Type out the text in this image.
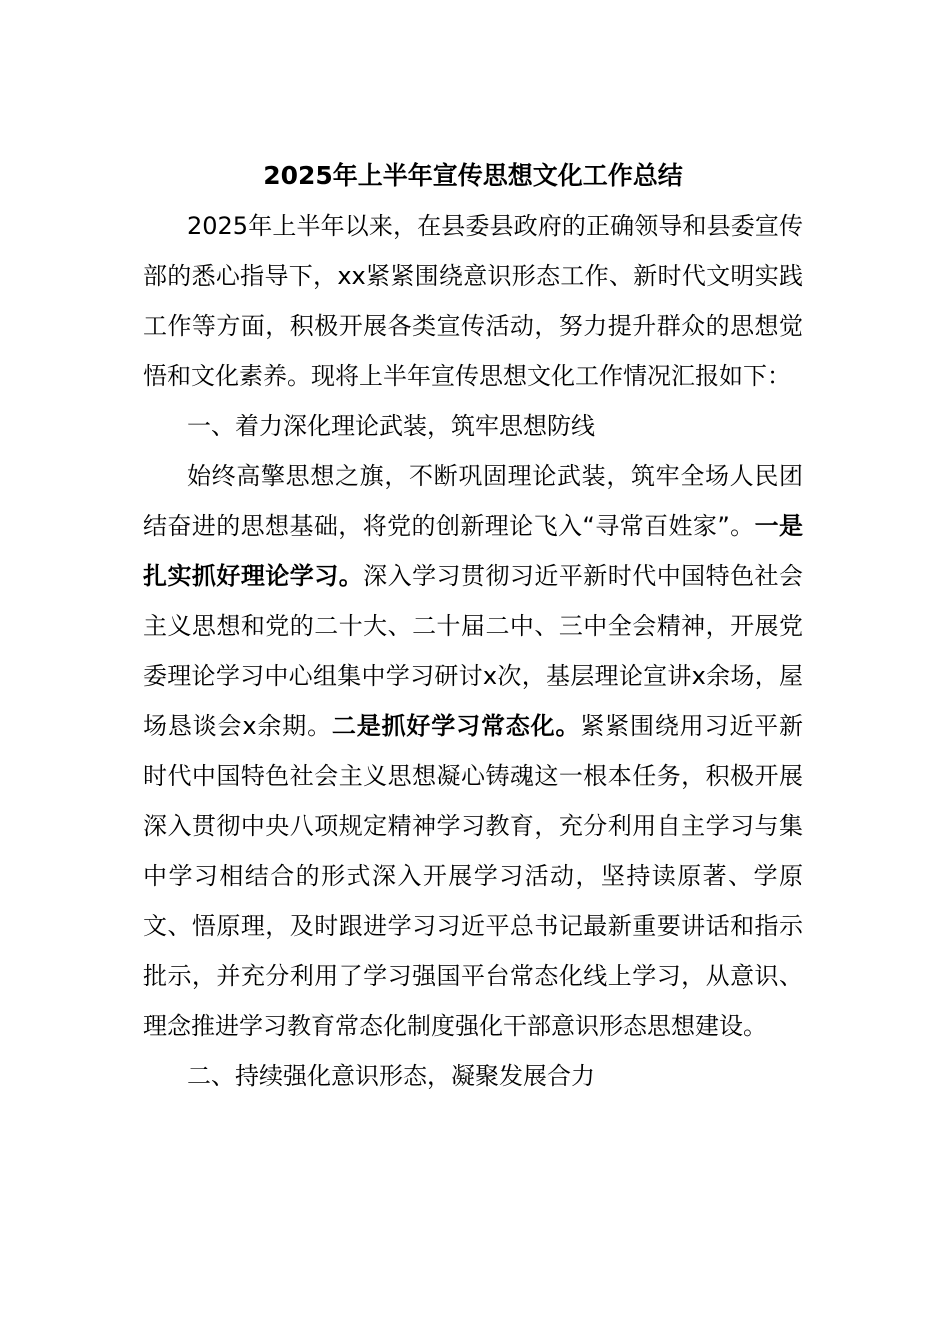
2025年上半年宣传思想文化工作总结

2025年上半年以来，在县委县政府的正确领导和县委宣传部的悉心指导下，xx紧紧围绕意识形态工作、新时代文明实践工作等方面，积极开展各类宣传活动，努力提升群众的思想觉悟和文化素养。现将上半年宣传思想文化工作情况汇报如下：

一、着力深化理论武装，筑牢思想防线

始终高擎思想之旗，不断巩固理论武装，筑牢全场人民团结奋进的思想基础，将党的创新理论飞入“寻常百姓家”。一是扎实抓好理论学习。深入学习贯彻习近平新时代中国特色社会主义思想和党的二十大、二十届二中、三中全会精神，开展党委理论学习中心组集中学习研讨x次，基层理论宣讲x余场，屋场恳谈会x余期。二是抓好学习常态化。紧紧围绕用习近平新时代中国特色社会主义思想凝心铸魂这一根本任务，积极开展深入贯彻中央八项规定精神学习教育，充分利用自主学习与集中学习相结合的形式深入开展学习活动，坚持读原著、学原文、悟原理，及时跟进学习习近平总书记最新重要讲话和指示批示，并充分利用了学习强国平台常态化线上学习，从意识、理念推进学习教育常态化制度强化干部意识形态思想建设。

二、持续强化意识形态，凝聚发展合力
